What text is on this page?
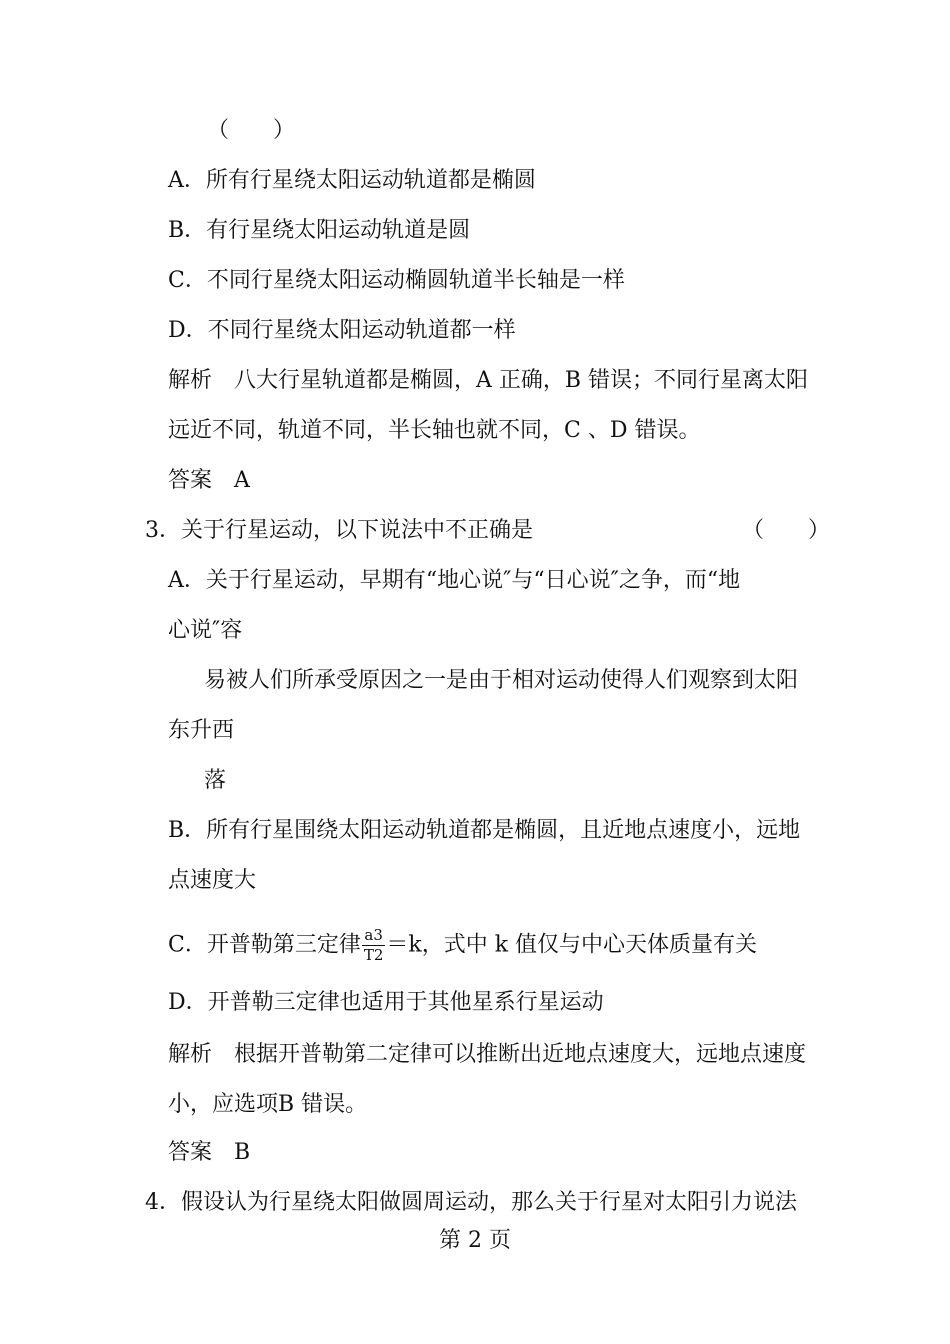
（　　）
A．所有行星绕太阳运动轨道都是椭圆
B．有行星绕太阳运动轨道是圆
C．不同行星绕太阳运动椭圆轨道半长轴是一样
D．不同行星绕太阳运动轨道都一样
解析　八大行星轨道都是椭圆，A 正确，B 错误；不同行星离太阳
远近不同，轨道不同，半长轴也就不同，C 、D 错误。
答案　A
3．关于行星运动，以下说法中不正确是	（　　）
A．关于行星运动，早期有“地心说″与“日心说″之争，而“地
心说″容
易被人们所承受原因之一是由于相对运动使得人们观察到太阳
东升西
落
B．所有行星围绕太阳运动轨道都是椭圆，且近地点速度小，远地
点速度大
C．开普勒第三定律 $\frac{a3}{T2} =k$，式中 k 值仅与中心天体质量有关
D．开普勒三定律也适用于其他星系行星运动
解析　根据开普勒第二定律可以推断出近地点速度大，远地点速度
小，应选项B 错误。
答案　B
4．假设认为行星绕太阳做圆周运动，那么关于行星对太阳引力说法
第 2 页
